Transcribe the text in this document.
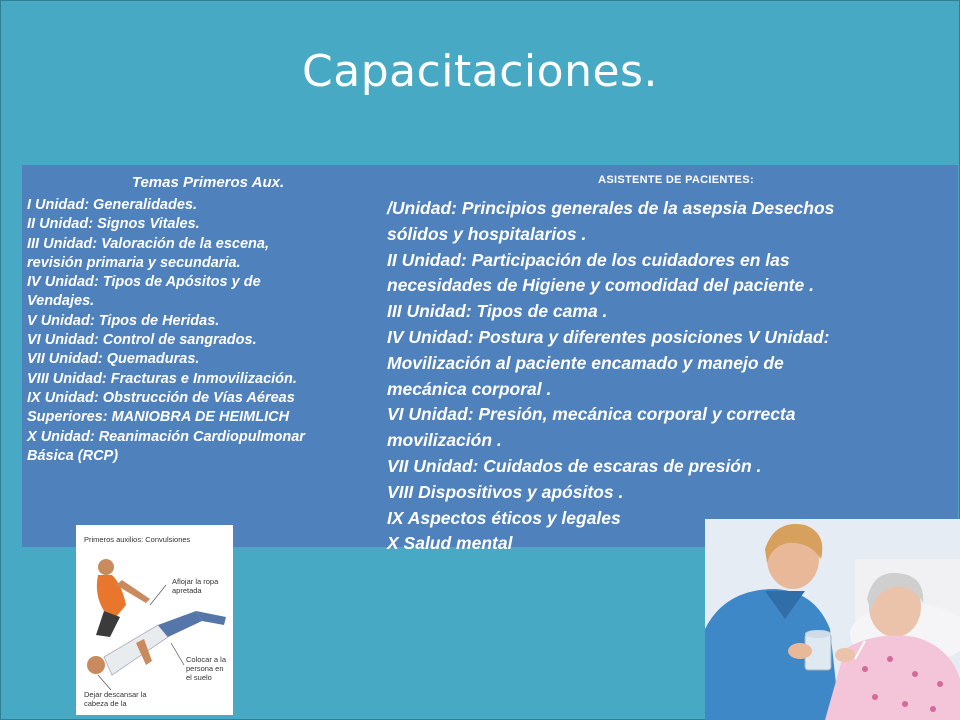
Capacitaciones.
Temas Primeros Aux.
I Unidad: Generalidades.
II Unidad: Signos Vitales.
III Unidad: Valoración de la escena,
revisión primaria y secundaria.
IV Unidad: Tipos de Apósitos y de
Vendajes.
V Unidad: Tipos de Heridas.
VI Unidad: Control de sangrados.
VII Unidad: Quemaduras.
VIII Unidad: Fracturas e Inmovilización.
IX Unidad: Obstrucción de Vías Aéreas
Superiores: MANIOBRA DE HEIMLICH
X Unidad: Reanimación Cardiopulmonar
Básica (RCP)
ASISTENTE DE PACIENTES:
/Unidad: Principios generales de la asepsia Desechos
sólidos y hospitalarios .
II Unidad: Participación de los cuidadores en las
necesidades de Higiene y comodidad del paciente .
III Unidad: Tipos de cama .
IV Unidad: Postura y diferentes posiciones V Unidad:
Movilización al paciente encamado y manejo de
mecánica corporal .
VI Unidad: Presión, mecánica corporal y correcta
movilización .
VII Unidad: Cuidados de escaras de presión .
VIII Dispositivos y apósitos .
IX Aspectos éticos y legales
X Salud mental
Primeros auxilios: Convulsiones
Aflojar la ropa apretada
Colocar a la persona en el suelo
Dejar descansar la cabeza de la
